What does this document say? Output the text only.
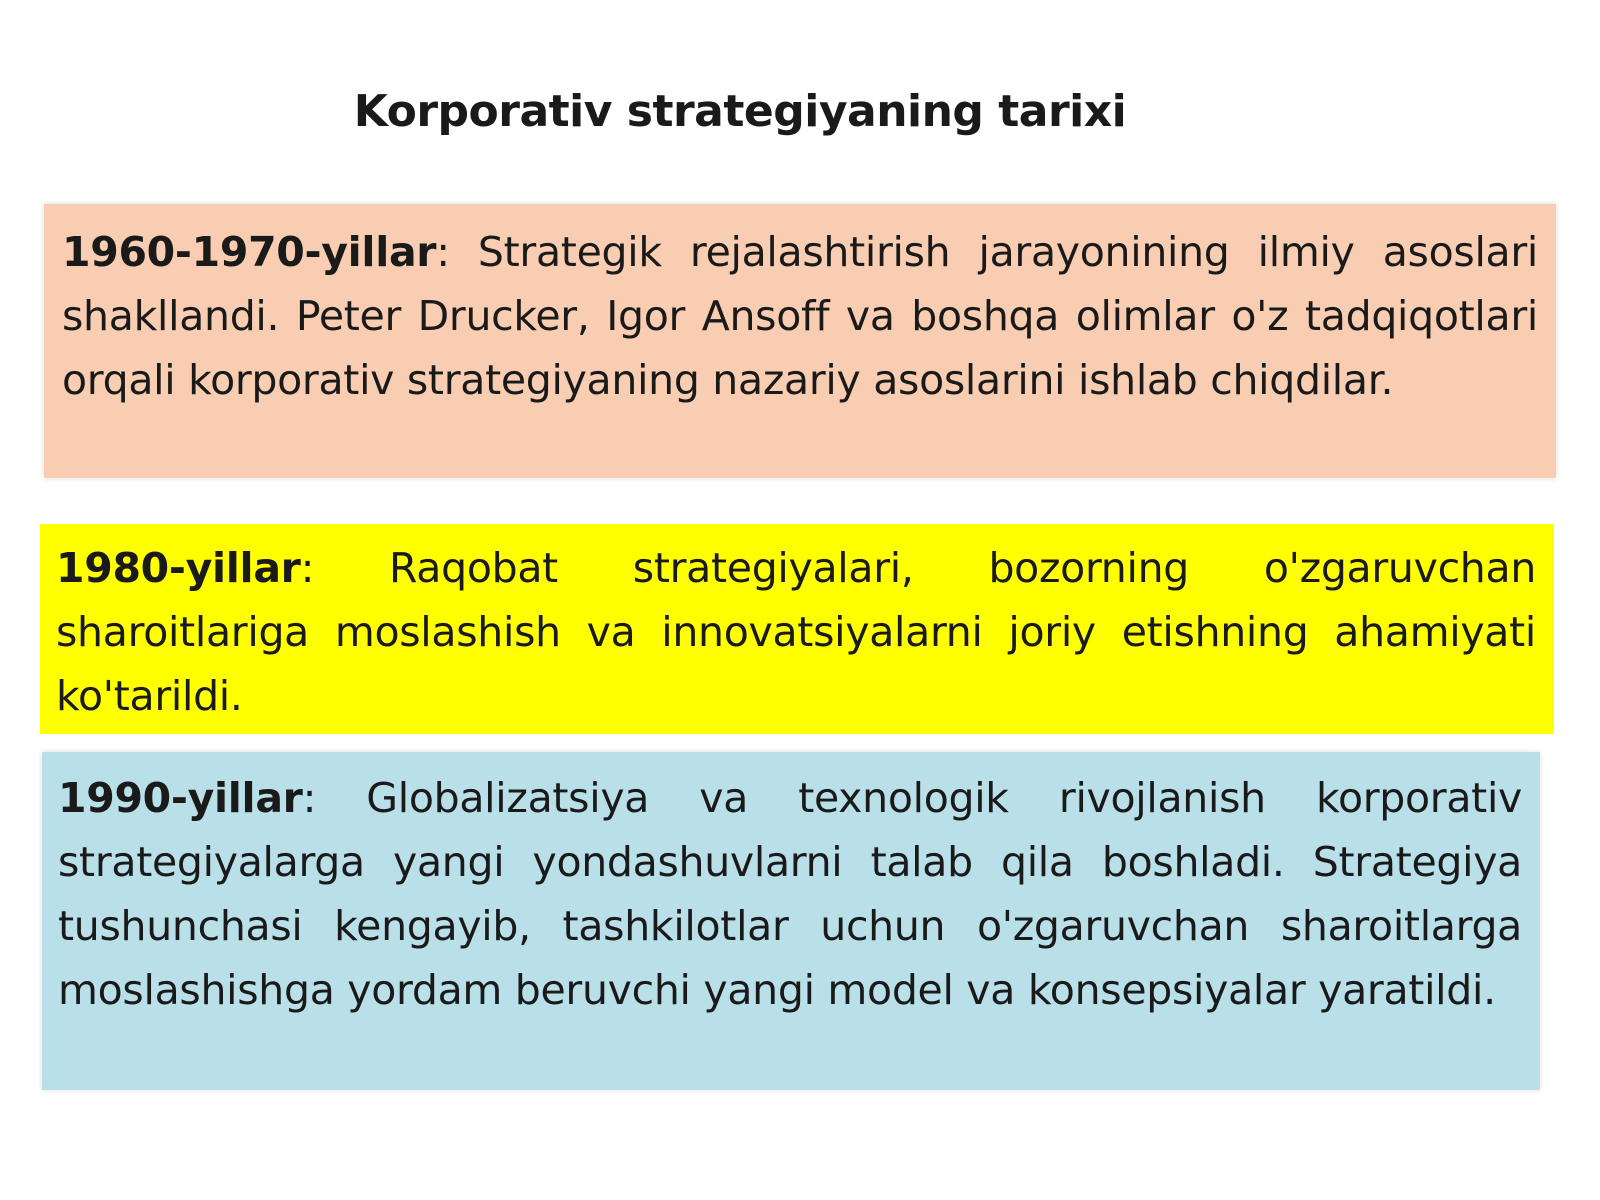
Korporativ strategiyaning tarixi
1960-1970-yillar: Strategik rejalashtirish jarayonining ilmiy asoslari shakllandi. Peter Drucker, Igor Ansoff va boshqa olimlar o'z tadqiqotlari orqali korporativ strategiyaning nazariy asoslarini ishlab chiqdilar.
1980-yillar: Raqobat strategiyalari, bozorning o'zgaruvchan sharoitlariga moslashish va innovatsiyalarni joriy etishning ahamiyati ko'tarildi.
1990-yillar: Globalizatsiya va texnologik rivojlanish korporativ strategiyalarga yangi yondashuvlarni talab qila boshladi. Strategiya tushunchasi kengayib, tashkilotlar uchun o'zgaruvchan sharoitlarga moslashishga yordam beruvchi yangi model va konsepsiyalar yaratildi.
